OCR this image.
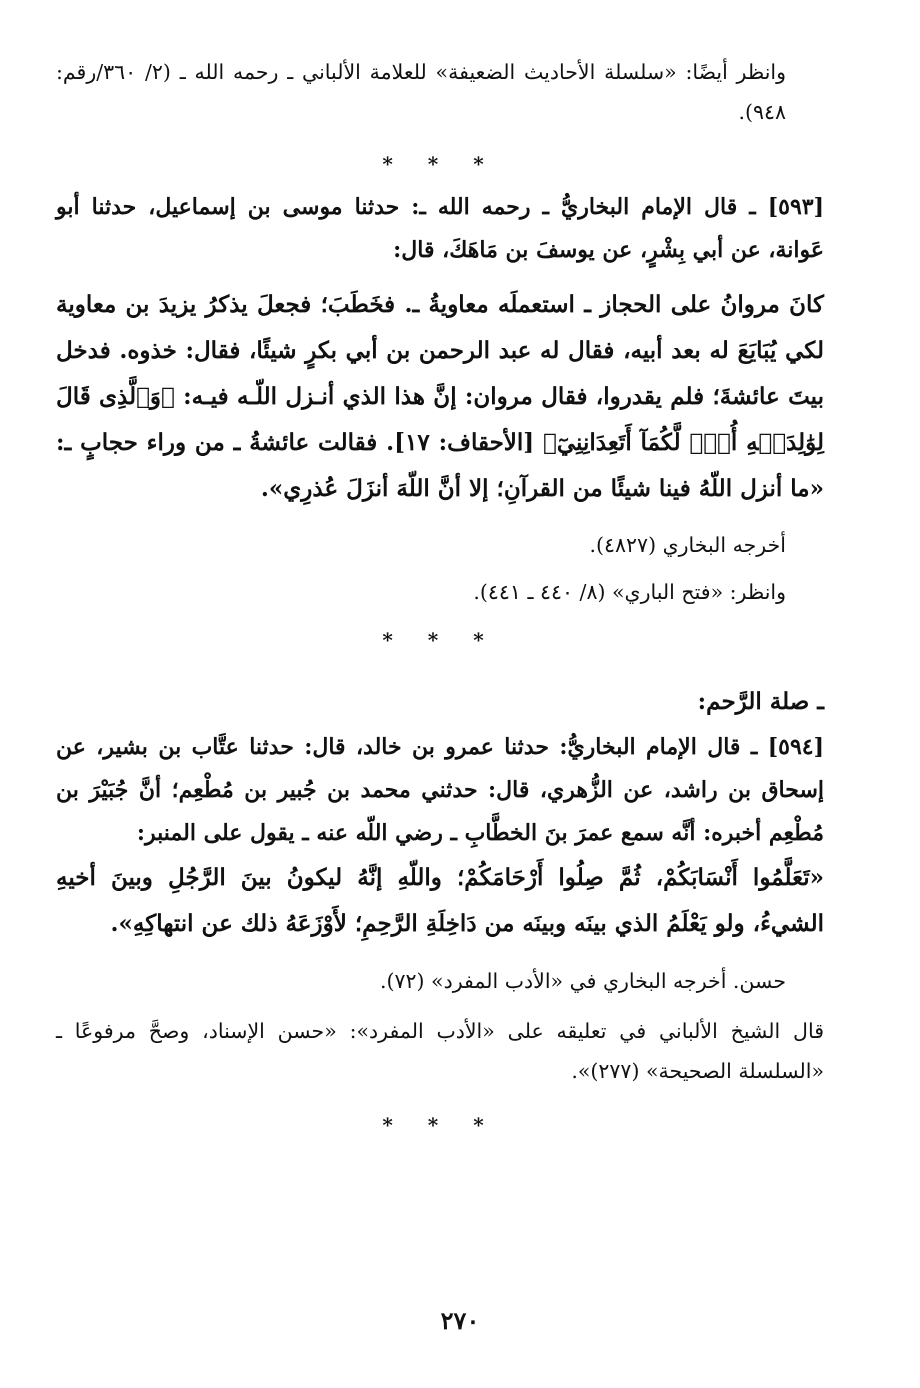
وانظر أيضًا: «سلسلة الأحاديث الضعيفة» للعلامة الألباني ـ رحمه الله ـ (٢/ ٣٦٠/رقم: ٩٤٨).

* * *

[٥٩٣] ـ قال الإمام البخاريُّ ـ رحمه الله ـ: حدثنا موسى بن إسماعيل، حدثنا أبو عَوانة، عن أبي بِشْرٍ، عن يوسفَ بن مَاهَكَ، قال:

كانَ مروانُ على الحجاز ـ استعملَه معاويةُ ـ. فخَطَبَ؛ فجعلَ يذكرُ يزيدَ بن معاوية لكي يُبَايَعَ له بعد أبيه، فقال له عبد الرحمن بن أبي بكرٍ شيئًا، فقال: خذوه. فدخل بيتَ عائشةَ؛ فلم يقدروا، فقال مروان: إنَّ هذا الذي أنـزل اللّـه فيـه: ﴿وَٱلَّذِى قَالَ لِوَٰلِدَيۡهِ أُفّٖ لَّكُمَآ أَتَعِدَانِنِيٓ﴾ [الأحقاف: ١٧]. فقالت عائشةُ ـ من وراء حجابٍ ـ: «ما أنزل اللّهُ فينا شيئًا من القرآنِ؛ إلا أنَّ اللّهَ أنزَلَ عُذرِي».

أخرجه البخاري (٤٨٢٧).

وانظر: «فتح الباري» (٨/ ٤٤٠ ـ ٤٤١).

* * *

ـ صلة الرَّحم:

[٥٩٤] ـ قال الإمام البخاريُّ: حدثنا عمرو بن خالد، قال: حدثنا عتَّاب بن بشير، عن إسحاق بن راشد، عن الزُّهري، قال: حدثني محمد بن جُبير بن مُطْعِم؛ أنَّ جُبَيْرَ بن مُطْعِم أخبره: أنَّه سمع عمرَ بنَ الخطَّابِ ـ رضي اللّه عنه ـ يقول على المنبر:

«تَعَلَّمُوا أَنْسَابَكُمْ، ثُمَّ صِلُوا أَرْحَامَكُمْ؛ واللّهِ إنَّهُ ليكونُ بينَ الرَّجُلِ وبينَ أخيهِ الشيءُ، ولو يَعْلَمُ الذي بينَه وبينَه من دَاخِلَةِ الرَّحِمِ؛ لأَوْزَعَهُ ذلك عن انتهاكِهِ».

حسن. أخرجه البخاري في «الأدب المفرد» (٧٢).

قال الشيخ الألباني في تعليقه على «الأدب المفرد»: «حسن الإسناد، وصحَّ مرفوعًا ـ «السلسلة الصحيحة» (٢٧٧)».

* * *
٢٧٠
